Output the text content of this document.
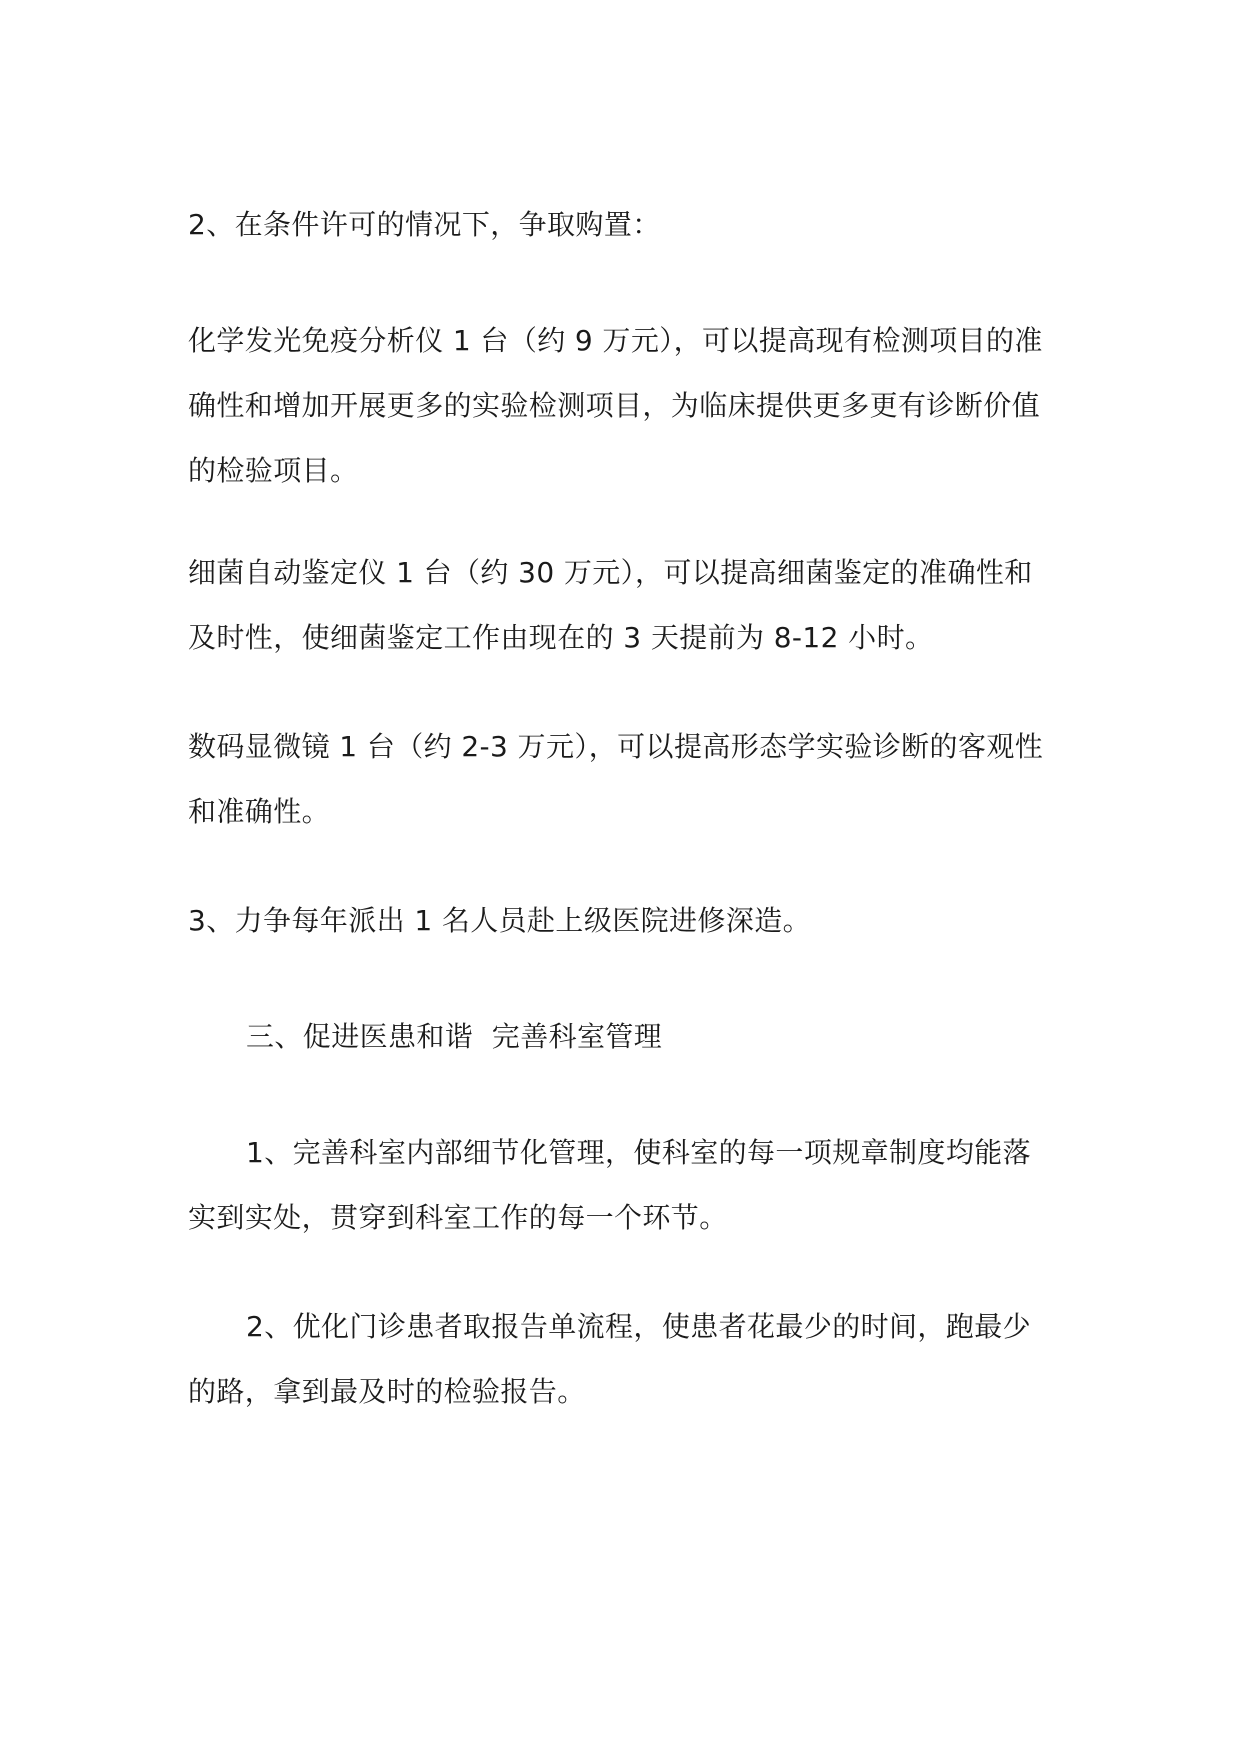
2、在条件许可的情况下，争取购置：

化学发光免疫分析仪 1 台（约 9 万元），可以提高现有检测项目的准
确性和增加开展更多的实验检测项目，为临床提供更多更有诊断价值
的检验项目。

细菌自动鉴定仪 1 台（约 30 万元），可以提高细菌鉴定的准确性和
及时性，使细菌鉴定工作由现在的 3 天提前为 8-12 小时。

数码显微镜 1 台（约 2-3 万元），可以提高形态学实验诊断的客观性
和准确性。

3、力争每年派出 1 名人员赴上级医院进修深造。

三、促进医患和谐  完善科室管理

1、完善科室内部细节化管理，使科室的每一项规章制度均能落
实到实处，贯穿到科室工作的每一个环节。

2、优化门诊患者取报告单流程，使患者花最少的时间，跑最少
的路，拿到最及时的检验报告。
